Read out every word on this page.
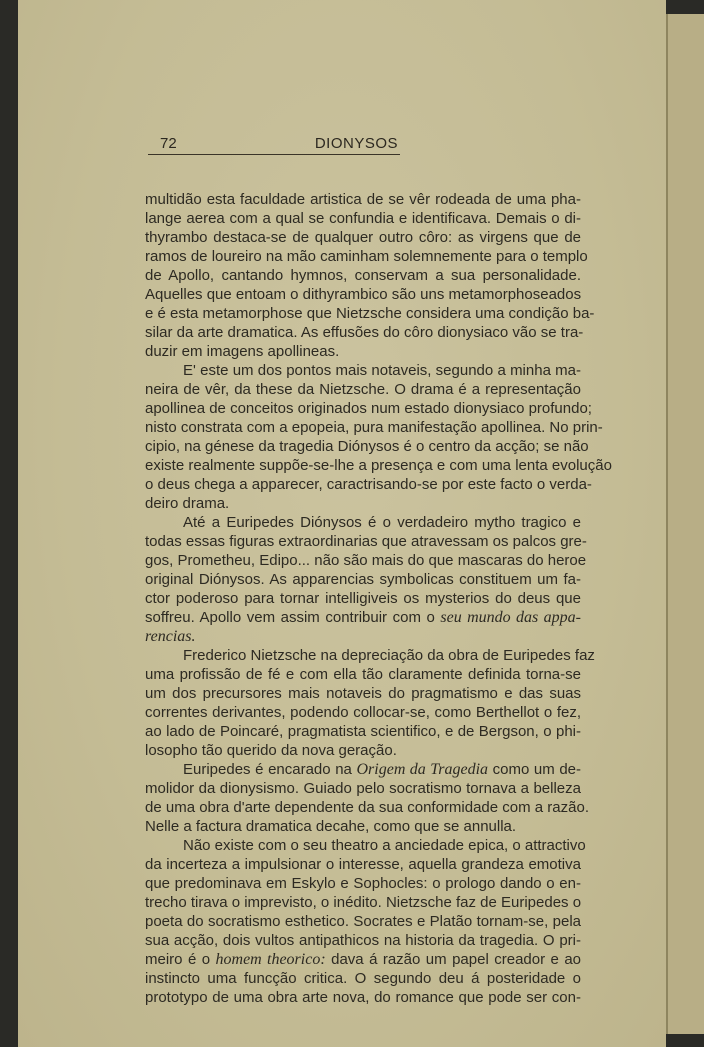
72	DIONYSOS
multidão esta faculdade artistica de se vêr rodeada de uma pha-
lange aerea com a qual se confundia e identificava. Demais o di-
thyrambo destaca-se de qualquer outro côro: as virgens que de
ramos de loureiro na mão caminham solemnemente para o templo
de Apollo, cantando hymnos, conservam a sua personalidade.
Aquelles que entoam o dithyrambico são uns metamorphoseados
e é esta metamorphose que Nietzsche considera uma condição ba-
silar da arte dramatica. As effusões do côro dionysiaco vão se tra-
duzir em imagens apollineas.
E' este um dos pontos mais notaveis, segundo a minha ma-
neira de vêr, da these da Nietzsche. O drama é a representação
apollinea de conceitos originados num estado dionysiaco profundo;
nisto constrata com a epopeia, pura manifestação apollinea. No prin-
cipio, na génese da tragedia Diónysos é o centro da acção; se não
existe realmente suppõe-se-lhe a presença e com uma lenta evolução
o deus chega a apparecer, caractrisando-se por este facto o verda-
deiro drama.
Até a Euripedes Diónysos é o verdadeiro mytho tragico e
todas essas figuras extraordinarias que atravessam os palcos gre-
gos, Prometheu, Edipo... não são mais do que mascaras do heroe
original Diónysos. As apparencias symbolicas constituem um fa-
ctor poderoso para tornar intelligiveis os mysterios do deus que
soffreu. Apollo vem assim contribuir com o seu mundo das appa-
rencias.
Frederico Nietzsche na depreciação da obra de Euripedes faz
uma profissão de fé e com ella tão claramente definida torna-se
um dos precursores mais notaveis do pragmatismo e das suas
correntes derivantes, podendo collocar-se, como Berthellot o fez,
ao lado de Poincaré, pragmatista scientifico, e de Bergson, o phi-
losopho tão querido da nova geração.
Euripedes é encarado na Origem da Tragedia como um de-
molidor da dionysismo. Guiado pelo socratismo tornava a belleza
de uma obra d'arte dependente da sua conformidade com a razão.
Nelle a factura dramatica decahe, como que se annulla.
Não existe com o seu theatro a anciedade epica, o attractivo
da incerteza a impulsionar o interesse, aquella grandeza emotiva
que predominava em Eskylo e Sophocles: o prologo dando o en-
trecho tirava o imprevisto, o inédito. Nietzsche faz de Euripedes o
poeta do socratismo esthetico. Socrates e Platão tornam-se, pela
sua acção, dois vultos antipathicos na historia da tragedia. O pri-
meiro é o homem theorico: dava á razão um papel creador e ao
instincto uma funcção critica. O segundo deu á posteridade o
prototypo de uma obra arte nova, do romance que pode ser con-
